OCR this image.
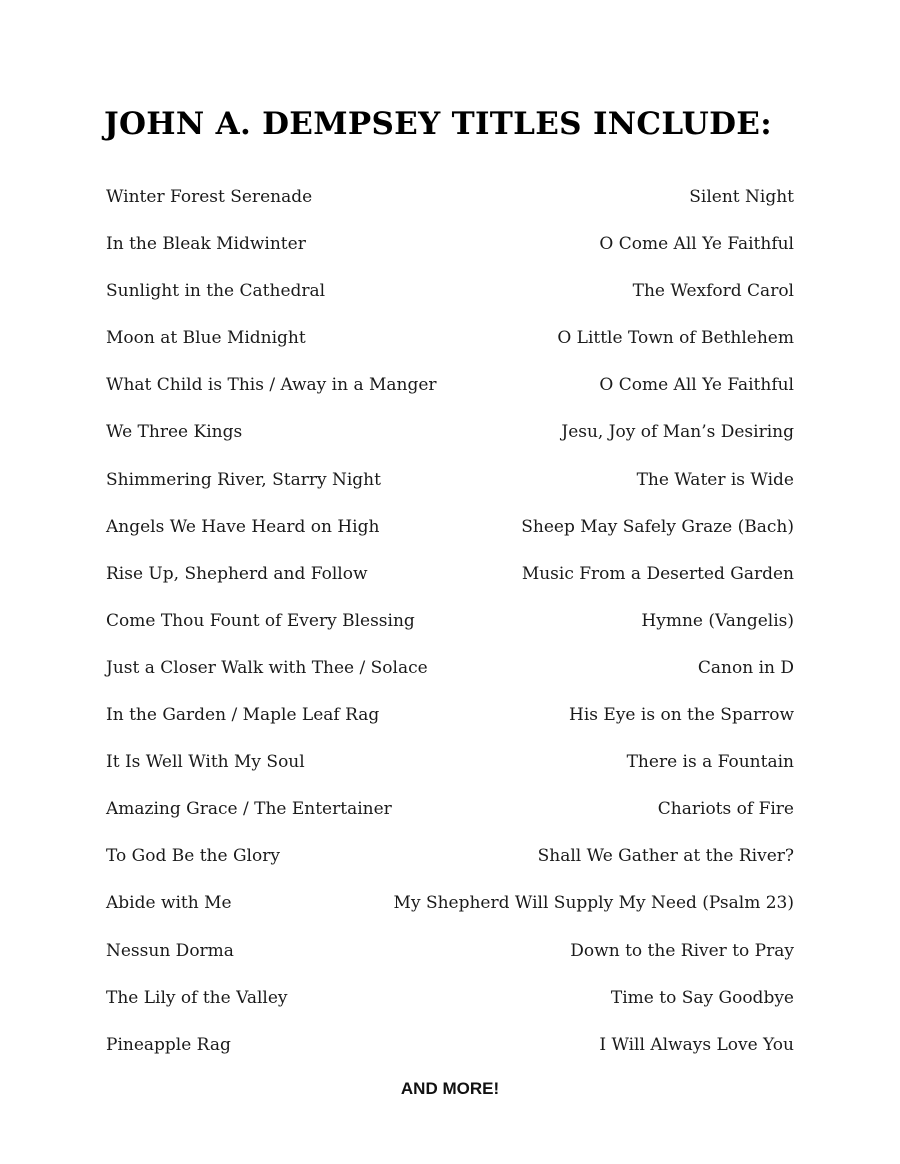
JOHN A. DEMPSEY TITLES INCLUDE:
Winter Forest Serenade	Silent Night
In the Bleak Midwinter	O Come All Ye Faithful
Sunlight in the Cathedral	The Wexford Carol
Moon at Blue Midnight	O Little Town of Bethlehem
What Child is This / Away in a Manger	O Come All Ye Faithful
We Three Kings	Jesu, Joy of Man’s Desiring
Shimmering River, Starry Night	The Water is Wide
Angels We Have Heard on High	Sheep May Safely Graze (Bach)
Rise Up, Shepherd and Follow	Music From a Deserted Garden
Come Thou Fount of Every Blessing	Hymne (Vangelis)
Just a Closer Walk with Thee / Solace	Canon in D
In the Garden / Maple Leaf Rag	His Eye is on the Sparrow
It Is Well With My Soul	There is a Fountain
Amazing Grace / The Entertainer	Chariots of Fire
To God Be the Glory	Shall We Gather at the River?
Abide with Me	My Shepherd Will Supply My Need (Psalm 23)
Nessun Dorma	Down to the River to Pray
The Lily of the Valley	Time to Say Goodbye
Pineapple Rag	I Will Always Love You
AND MORE!
